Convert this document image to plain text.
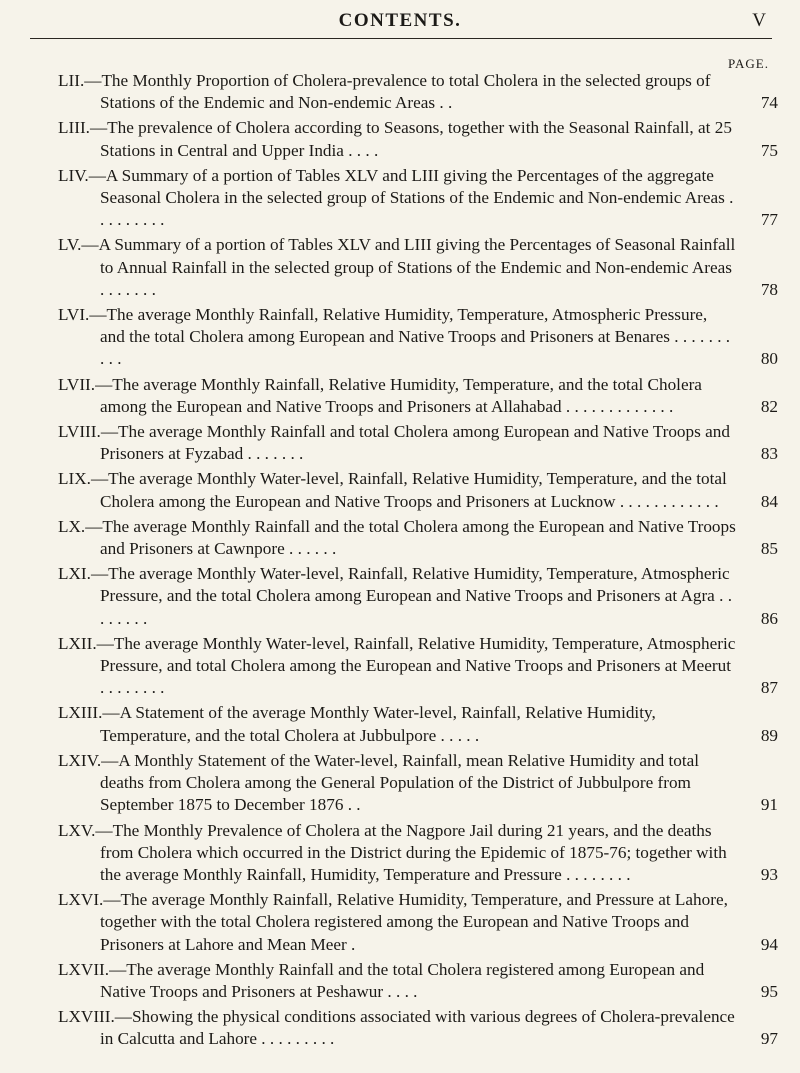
CONTENTS.	V
PAGE.
LII.—The Monthly Proportion of Cholera-prevalence to total Cholera in the selected groups of Stations of the Endemic and Non-endemic Areas . .	74
LIII.—The prevalence of Cholera according to Seasons, together with the Seasonal Rainfall, at 25 Stations in Central and Upper India . . . .	75
LIV.—A Summary of a portion of Tables XLV and LIII giving the Percentages of the aggregate Seasonal Cholera in the selected group of Stations of the Endemic and Non-endemic Areas . . . . . . . . .	77
LV.—A Summary of a portion of Tables XLV and LIII giving the Percentages of Seasonal Rainfall to Annual Rainfall in the selected group of Stations of the Endemic and Non-endemic Areas . . . . . . .	78
LVI.—The average Monthly Rainfall, Relative Humidity, Temperature, Atmospheric Pressure, and the total Cholera among European and Native Troops and Prisoners at Benares . . . . . . . . . .	80
LVII.—The average Monthly Rainfall, Relative Humidity, Temperature, and the total Cholera among the European and Native Troops and Prisoners at Allahabad . . . . . . . . . . . . .	82
LVIII.—The average Monthly Rainfall and total Cholera among European and Native Troops and Prisoners at Fyzabad . . . . . . .	83
LIX.—The average Monthly Water-level, Rainfall, Relative Humidity, Temperature, and the total Cholera among the European and Native Troops and Prisoners at Lucknow . . . . . . . . . . . .	84
LX.—The average Monthly Rainfall and the total Cholera among the European and Native Troops and Prisoners at Cawnpore . . . . . .	85
LXI.—The average Monthly Water-level, Rainfall, Relative Humidity, Temperature, Atmospheric Pressure, and the total Cholera among European and Native Troops and Prisoners at Agra . . . . . . . .	86
LXII.—The average Monthly Water-level, Rainfall, Relative Humidity, Temperature, Atmospheric Pressure, and total Cholera among the European and Native Troops and Prisoners at Meerut . . . . . . . .	87
LXIII.—A Statement of the average Monthly Water-level, Rainfall, Relative Humidity, Temperature, and the total Cholera at Jubbulpore . . . . .	89
LXIV.—A Monthly Statement of the Water-level, Rainfall, mean Relative Humidity and total deaths from Cholera among the General Population of the District of Jubbulpore from September 1875 to December 1876 . .	91
LXV.—The Monthly Prevalence of Cholera at the Nagpore Jail during 21 years, and the deaths from Cholera which occurred in the District during the Epidemic of 1875-76; together with the average Monthly Rainfall, Humidity, Temperature and Pressure . . . . . . . .	93
LXVI.—The average Monthly Rainfall, Relative Humidity, Temperature, and Pressure at Lahore, together with the total Cholera registered among the European and Native Troops and Prisoners at Lahore and Mean Meer .	94
LXVII.—The average Monthly Rainfall and the total Cholera registered among European and Native Troops and Prisoners at Peshawur . . . .	95
LXVIII.—Showing the physical conditions associated with various degrees of Cholera-prevalence in Calcutta and Lahore . . . . . . . . .	97
